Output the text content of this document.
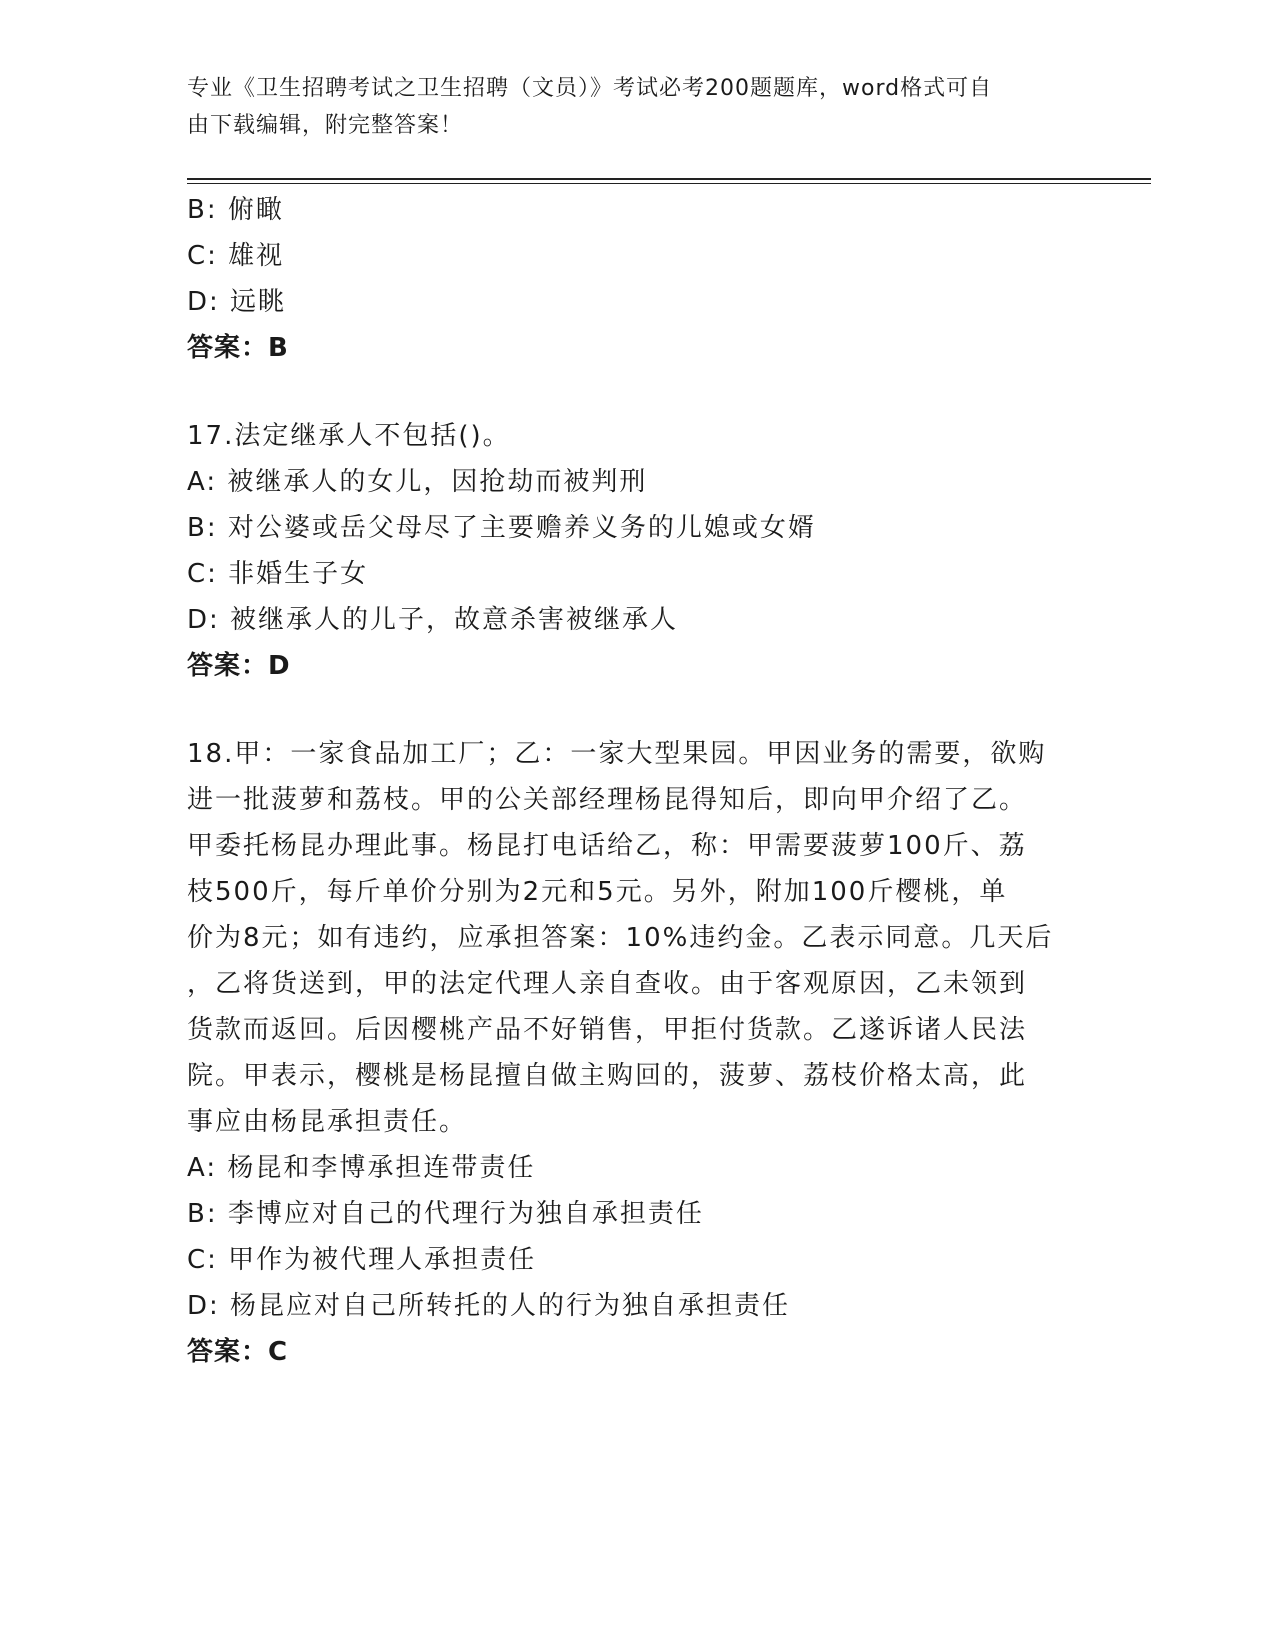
专业《卫生招聘考试之卫生招聘（文员）》考试必考200题题库，word格式可自
由下载编辑，附完整答案！
B: 俯瞰
C: 雄视
D: 远眺
答案：B
17.法定继承人不包括()。
A: 被继承人的女儿，因抢劫而被判刑
B: 对公婆或岳父母尽了主要赡养义务的儿媳或女婿
C: 非婚生子女
D: 被继承人的儿子，故意杀害被继承人
答案：D
18.甲：一家食品加工厂；乙：一家大型果园。甲因业务的需要，欲购
进一批菠萝和荔枝。甲的公关部经理杨昆得知后，即向甲介绍了乙。
甲委托杨昆办理此事。杨昆打电话给乙，称：甲需要菠萝100斤、荔
枝500斤，每斤单价分别为2元和5元。另外，附加100斤樱桃，单
价为8元；如有违约，应承担答案：10%违约金。乙表示同意。几天后
，乙将货送到，甲的法定代理人亲自查收。由于客观原因，乙未领到
货款而返回。后因樱桃产品不好销售，甲拒付货款。乙遂诉诸人民法
院。甲表示，樱桃是杨昆擅自做主购回的，菠萝、荔枝价格太高，此
事应由杨昆承担责任。
A: 杨昆和李博承担连带责任
B: 李博应对自己的代理行为独自承担责任
C: 甲作为被代理人承担责任
D: 杨昆应对自己所转托的人的行为独自承担责任
答案：C
